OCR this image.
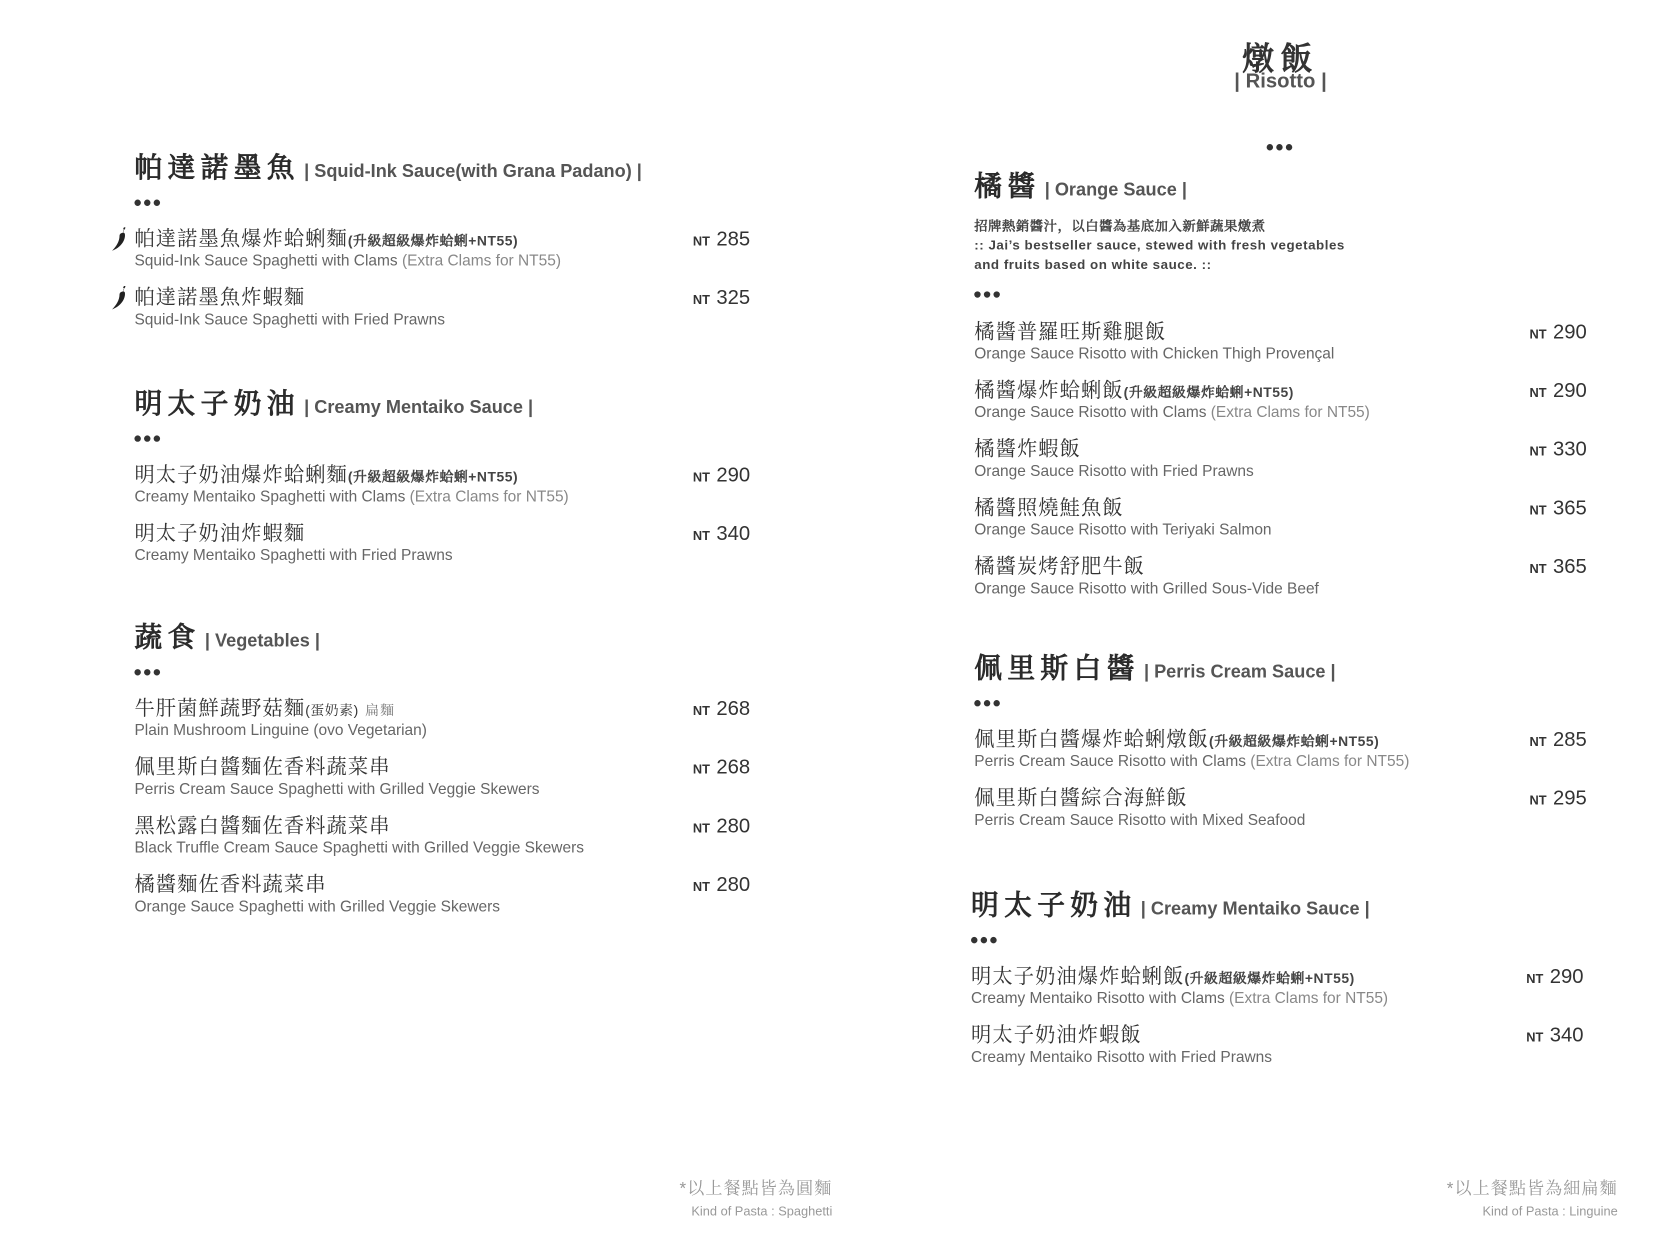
燉飯
| Risotto |
帕達諾墨魚 | Squid-Ink Sauce(with Grana Padano) |
帕達諾墨魚爆炸蛤蜊麵(升級超級爆炸蛤蜊+NT55)
Squid-Ink Sauce Spaghetti with Clams (Extra Clams for NT55)
NT 285
帕達諾墨魚炸蝦麵
Squid-Ink Sauce Spaghetti with Fried Prawns
NT 325
明太子奶油 | Creamy Mentaiko Sauce |
明太子奶油爆炸蛤蜊麵(升級超級爆炸蛤蜊+NT55)
Creamy Mentaiko Spaghetti with Clams (Extra Clams for NT55)
NT 290
明太子奶油炸蝦麵
Creamy Mentaiko Spaghetti with Fried Prawns
NT 340
蔬食 | Vegetables |
牛肝菌鮮蔬野菇麵(蛋奶素) 扁麵
Plain Mushroom Linguine (ovo Vegetarian)
NT 268
佩里斯白醬麵佐香料蔬菜串
Perris Cream Sauce Spaghetti with Grilled Veggie Skewers
NT 268
黑松露白醬麵佐香料蔬菜串
Black Truffle Cream Sauce Spaghetti with Grilled Veggie Skewers
NT 280
橘醬麵佐香料蔬菜串
Orange Sauce Spaghetti with Grilled Veggie Skewers
NT 280
橘醬 | Orange Sauce |
招牌熱銷醬汁，以白醬為基底加入新鮮蔬果燉煮
:: Jai’s bestseller sauce, stewed with fresh vegetables
and fruits based on white sauce. ::
橘醬普羅旺斯雞腿飯
Orange Sauce Risotto with Chicken Thigh Provençal
NT 290
橘醬爆炸蛤蜊飯(升級超級爆炸蛤蜊+NT55)
Orange Sauce Risotto with Clams (Extra Clams for NT55)
NT 290
橘醬炸蝦飯
Orange Sauce Risotto with Fried Prawns
NT 330
橘醬照燒鮭魚飯
Orange Sauce Risotto with Teriyaki Salmon
NT 365
橘醬炭烤舒肥牛飯
Orange Sauce Risotto with Grilled Sous-Vide Beef
NT 365
佩里斯白醬 | Perris Cream Sauce |
佩里斯白醬爆炸蛤蜊燉飯(升級超級爆炸蛤蜊+NT55)
Perris Cream Sauce Risotto with Clams (Extra Clams for NT55)
NT 285
佩里斯白醬綜合海鮮飯
Perris Cream Sauce Risotto with Mixed Seafood
NT 295
明太子奶油 | Creamy Mentaiko Sauce |
明太子奶油爆炸蛤蜊飯(升級超級爆炸蛤蜊+NT55)
Creamy Mentaiko Risotto with Clams (Extra Clams for NT55)
NT 290
明太子奶油炸蝦飯
Creamy Mentaiko Risotto with Fried Prawns
NT 340
*以上餐點皆為圓麵
Kind of Pasta : Spaghetti
*以上餐點皆為細扁麵
Kind of Pasta : Linguine
